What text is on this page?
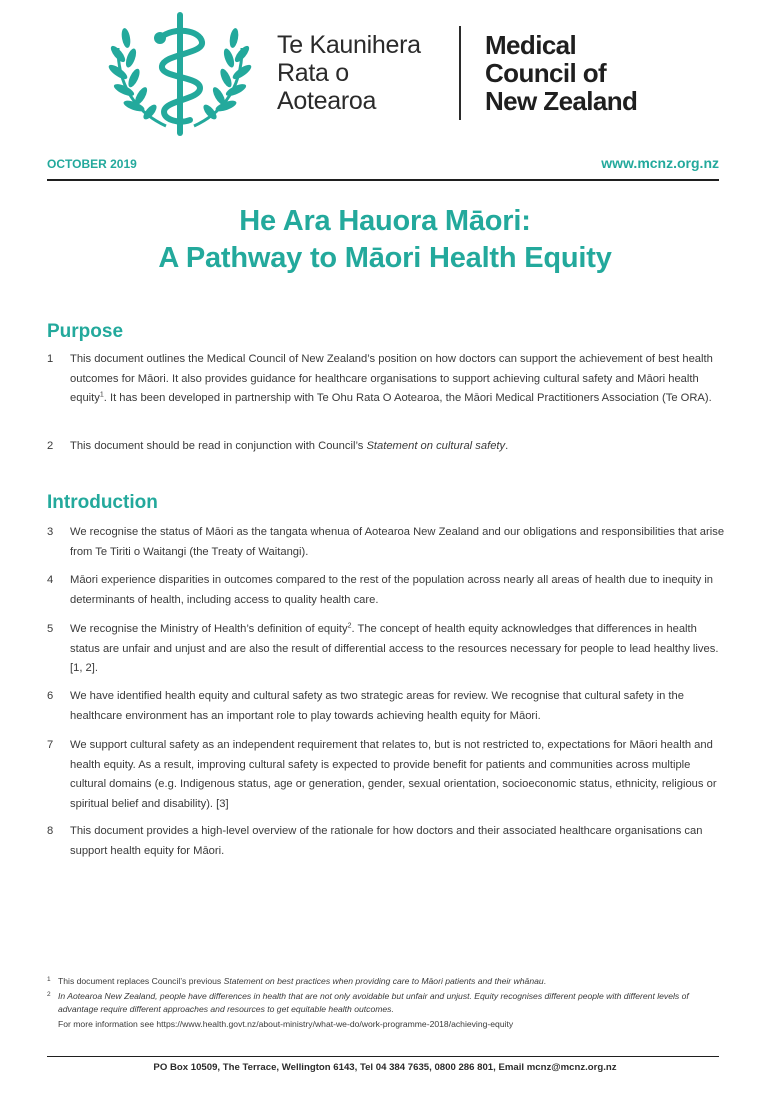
Te Kaunihera
Rata o
Aotearoa
Medical
Council of
New Zealand
OCTOBER 2019	www.mcnz.org.nz
He Ara Hauora Māori:
A Pathway to Māori Health Equity
Purpose
1	This document outlines the Medical Council of New Zealand’s position on how doctors can support the achievement of best health outcomes for Māori. It also provides guidance for healthcare organisations to support achieving cultural safety and Māori health equity$^1$. It has been developed in partnership with Te Ohu Rata O Aotearoa, the Māori Medical Practitioners Association (Te ORA).
2	This document should be read in conjunction with Council’s Statement on cultural safety.
Introduction
3	We recognise the status of Māori as the tangata whenua of Aotearoa New Zealand and our obligations and responsibilities that arise from Te Tiriti o Waitangi (the Treaty of Waitangi).
4	Māori experience disparities in outcomes compared to the rest of the population across nearly all areas of health due to inequity in determinants of health, including access to quality health care.
5	We recognise the Ministry of Health’s definition of equity$^2$. The concept of health equity acknowledges that differences in health status are unfair and unjust and are also the result of differential access to the resources necessary for people to lead healthy lives. [1, 2].
6	We have identified health equity and cultural safety as two strategic areas for review. We recognise that cultural safety in the healthcare environment has an important role to play towards achieving health equity for Māori.
7	We support cultural safety as an independent requirement that relates to, but is not restricted to, expectations for Māori health and health equity. As a result, improving cultural safety is expected to provide benefit for patients and communities across multiple cultural domains (e.g. Indigenous status, age or generation, gender, sexual orientation, socioeconomic status, ethnicity, religious or spiritual belief and disability). [3]
8	This document provides a high-level overview of the rationale for how doctors and their associated healthcare organisations can support health equity for Māori.
1 This document replaces Council’s previous Statement on best practices when providing care to Māori patients and their whānau.
2 In Aotearoa New Zealand, people have differences in health that are not only avoidable but unfair and unjust. Equity recognises different people with different levels of advantage require different approaches and resources to get equitable health outcomes.
For more information see https://www.health.govt.nz/about-ministry/what-we-do/work-programme-2018/achieving-equity
PO Box 10509, The Terrace, Wellington 6143, Tel 04 384 7635, 0800 286 801, Email mcnz@mcnz.org.nz
